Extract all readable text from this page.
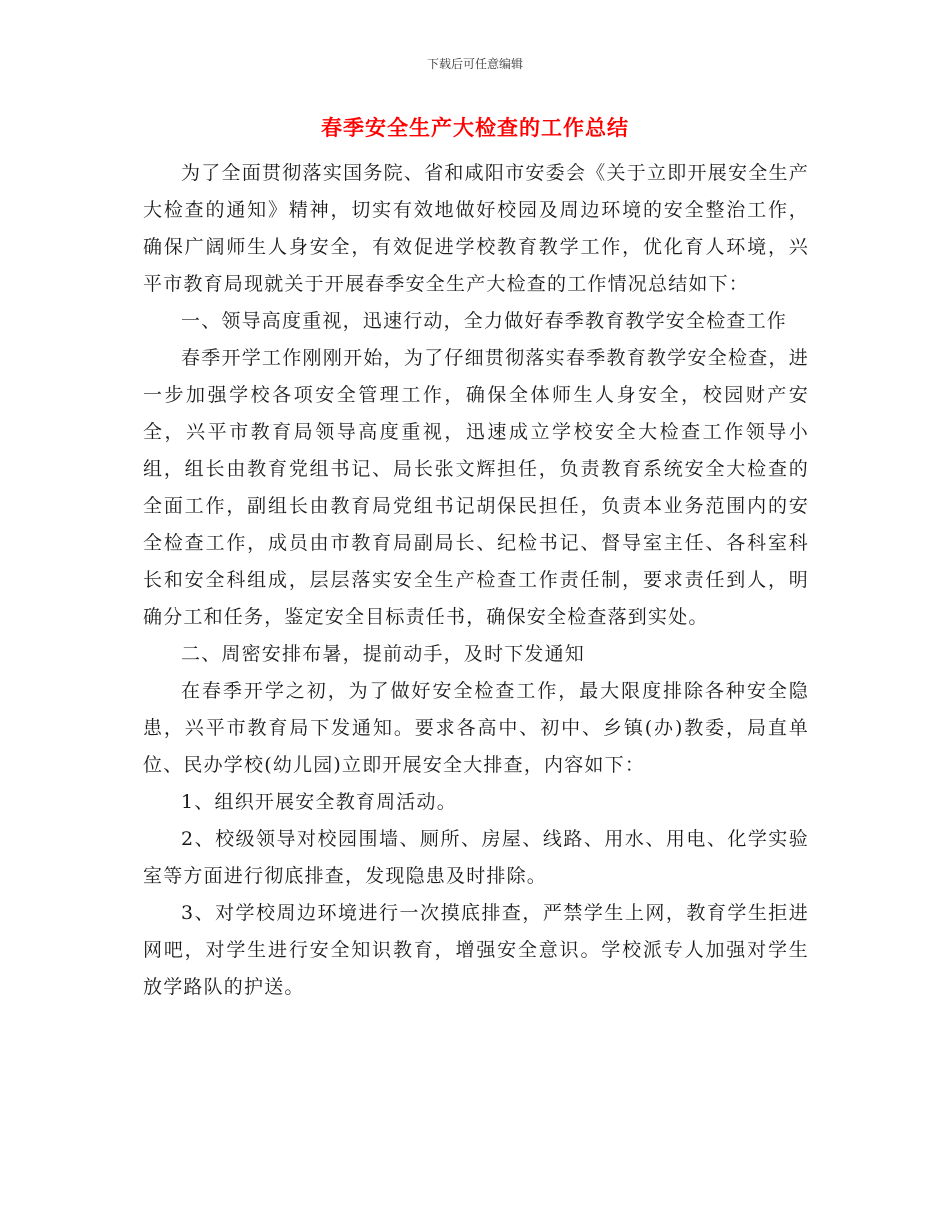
下载后可任意编辑
春季安全生产大检查的工作总结

为了全面贯彻落实国务院、省和咸阳市安委会《关于立即开展安全生产大检查的通知》精神，切实有效地做好校园及周边环境的安全整治工作，确保广阔师生人身安全，有效促进学校教育教学工作，优化育人环境，兴平市教育局现就关于开展春季安全生产大检查的工作情况总结如下：

一、领导高度重视，迅速行动，全力做好春季教育教学安全检查工作

春季开学工作刚刚开始，为了仔细贯彻落实春季教育教学安全检查，进一步加强学校各项安全管理工作，确保全体师生人身安全，校园财产安全，兴平市教育局领导高度重视，迅速成立学校安全大检查工作领导小组，组长由教育党组书记、局长张文辉担任，负责教育系统安全大检查的全面工作，副组长由教育局党组书记胡保民担任，负责本业务范围内的安全检查工作，成员由市教育局副局长、纪检书记、督导室主任、各科室科长和安全科组成，层层落实安全生产检查工作责任制，要求责任到人，明确分工和任务，鉴定安全目标责任书，确保安全检查落到实处。

二、周密安排布暑，提前动手，及时下发通知

在春季开学之初，为了做好安全检查工作，最大限度排除各种安全隐患，兴平市教育局下发通知。要求各高中、初中、乡镇(办)教委，局直单位、民办学校(幼儿园)立即开展安全大排查，内容如下：

1、组织开展安全教育周活动。

2、校级领导对校园围墙、厕所、房屋、线路、用水、用电、化学实验室等方面进行彻底排查，发现隐患及时排除。

3、对学校周边环境进行一次摸底排查，严禁学生上网，教育学生拒进网吧，对学生进行安全知识教育，增强安全意识。学校派专人加强对学生放学路队的护送。
